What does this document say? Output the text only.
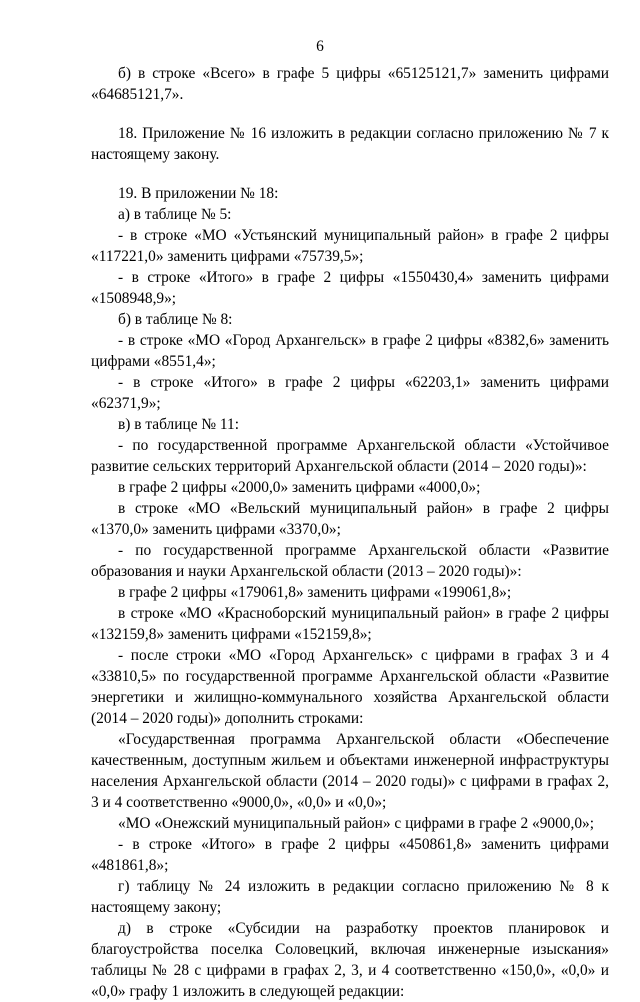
6

б) в строке «Всего» в графе 5 цифры «65125121,7» заменить цифрами «64685121,7».

18. Приложение № 16 изложить в редакции согласно приложению № 7 к настоящему закону.

19. В приложении № 18:

а) в таблице № 5:

- в строке «МО «Устьянский муниципальный район» в графе 2 цифры «117221,0» заменить цифрами «75739,5»;

- в строке «Итого» в графе 2 цифры «1550430,4» заменить цифрами «1508948,9»;

б) в таблице № 8:

- в строке «МО «Город Архангельск» в графе 2 цифры «8382,6» заменить цифрами «8551,4»;

- в строке «Итого» в графе 2 цифры «62203,1» заменить цифрами «62371,9»;

в) в таблице № 11:

- по государственной программе Архангельской области «Устойчивое развитие сельских территорий Архангельской области (2014 – 2020 годы)»:

в графе 2 цифры «2000,0» заменить цифрами «4000,0»;

в строке «МО «Вельский муниципальный район» в графе 2 цифры «1370,0» заменить цифрами «3370,0»;

- по государственной программе Архангельской области «Развитие образования и науки Архангельской области (2013 – 2020 годы)»:

в графе 2 цифры «179061,8» заменить цифрами «199061,8»;

в строке «МО «Красноборский муниципальный район» в графе 2 цифры «132159,8» заменить цифрами «152159,8»;

- после строки «МО «Город Архангельск» с цифрами в графах 3 и 4 «33810,5» по государственной программе Архангельской области «Развитие энергетики и жилищно-коммунального хозяйства Архангельской области (2014 – 2020 годы)» дополнить строками:

«Государственная программа Архангельской области «Обеспечение качественным, доступным жильем и объектами инженерной инфраструктуры населения Архангельской области (2014 – 2020 годы)» с цифрами в графах 2, 3 и 4 соответственно «9000,0», «0,0» и «0,0»;

«МО «Онежский муниципальный район» с цифрами в графе 2 «9000,0»;

- в строке «Итого» в графе 2 цифры «450861,8» заменить цифрами «481861,8»;

г) таблицу № 24 изложить в редакции согласно приложению № 8 к настоящему закону;

д) в строке «Субсидии на разработку проектов планировок и благоустройства поселка Соловецкий, включая инженерные изыскания» таблицы № 28 с цифрами в графах 2, 3, и 4 соответственно «150,0», «0,0» и «0,0» графу 1 изложить в следующей редакции:
